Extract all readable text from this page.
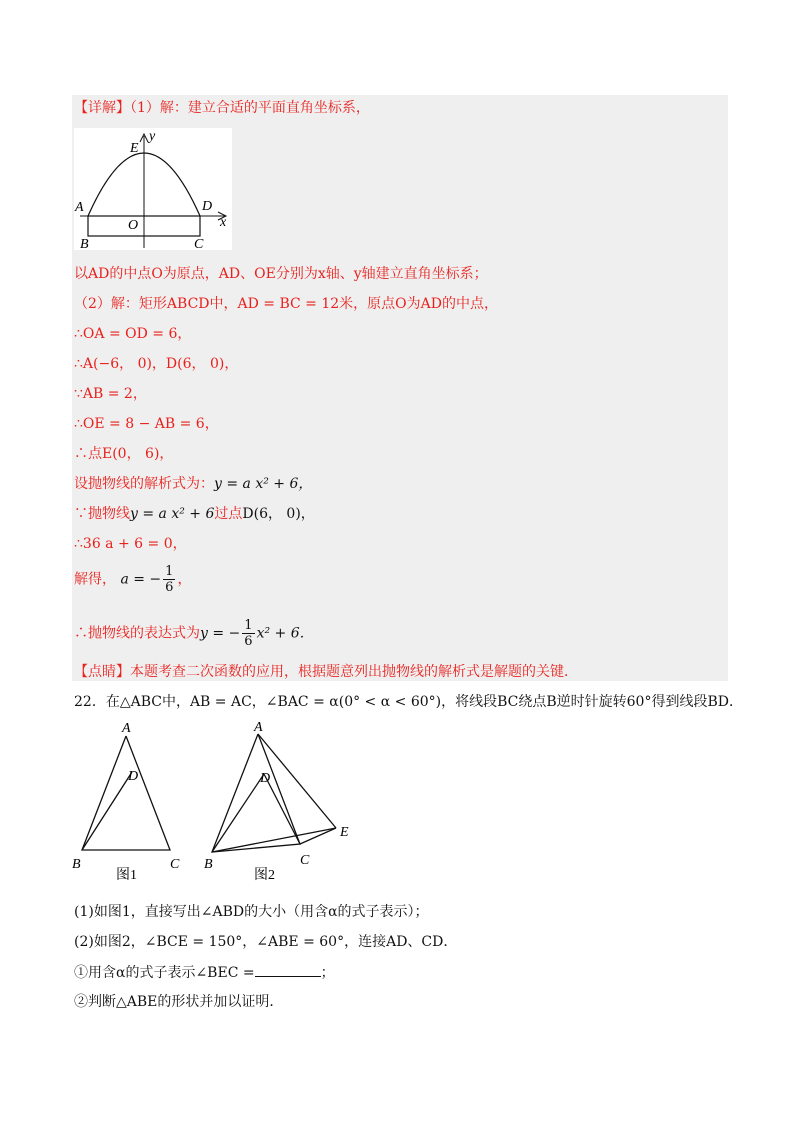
【详解】（1）解：建立合适的平面直角坐标系，
E
y
A	D
x
O
B	C
以AD的中点O为原点，AD、OE分别为x轴、y轴建立直角坐标系；
（2）解：矩形ABCD中，AD = BC = 12米，原点O为AD的中点，
∴OA = OD = 6，
∴A(−6， 0)，D(6， 0)，
∵AB = 2，
∴OE = 8 − AB = 6，
∴点E(0， 6)，
设抛物线的解析式为：y = a x² + 6，
∵抛物线y = a x² + 6过点D(6， 0)，
∴36 a + 6 = 0，
解得， a = − $\frac{1}{6}$ ，
∴抛物线的表达式为y = − $\frac{1}{6} x^2 + 6$．
【点睛】本题考查二次函数的应用，根据题意列出抛物线的解析式是解题的关键．
22．在△ABC中，AB = AC，∠BAC = α(0° < α < 60°)，将线段BC绕点B逆时针旋转60°得到线段BD．
A
D
B	C
图1
A
D
E
B	C
图2
(1)如图1，直接写出∠ABD的大小（用含α的式子表示）；
(2)如图2，∠BCE = 150°，∠ABE = 60°，连接AD、CD．
①用含α的式子表示∠BEC =	；
②判断△ABE的形状并加以证明．
